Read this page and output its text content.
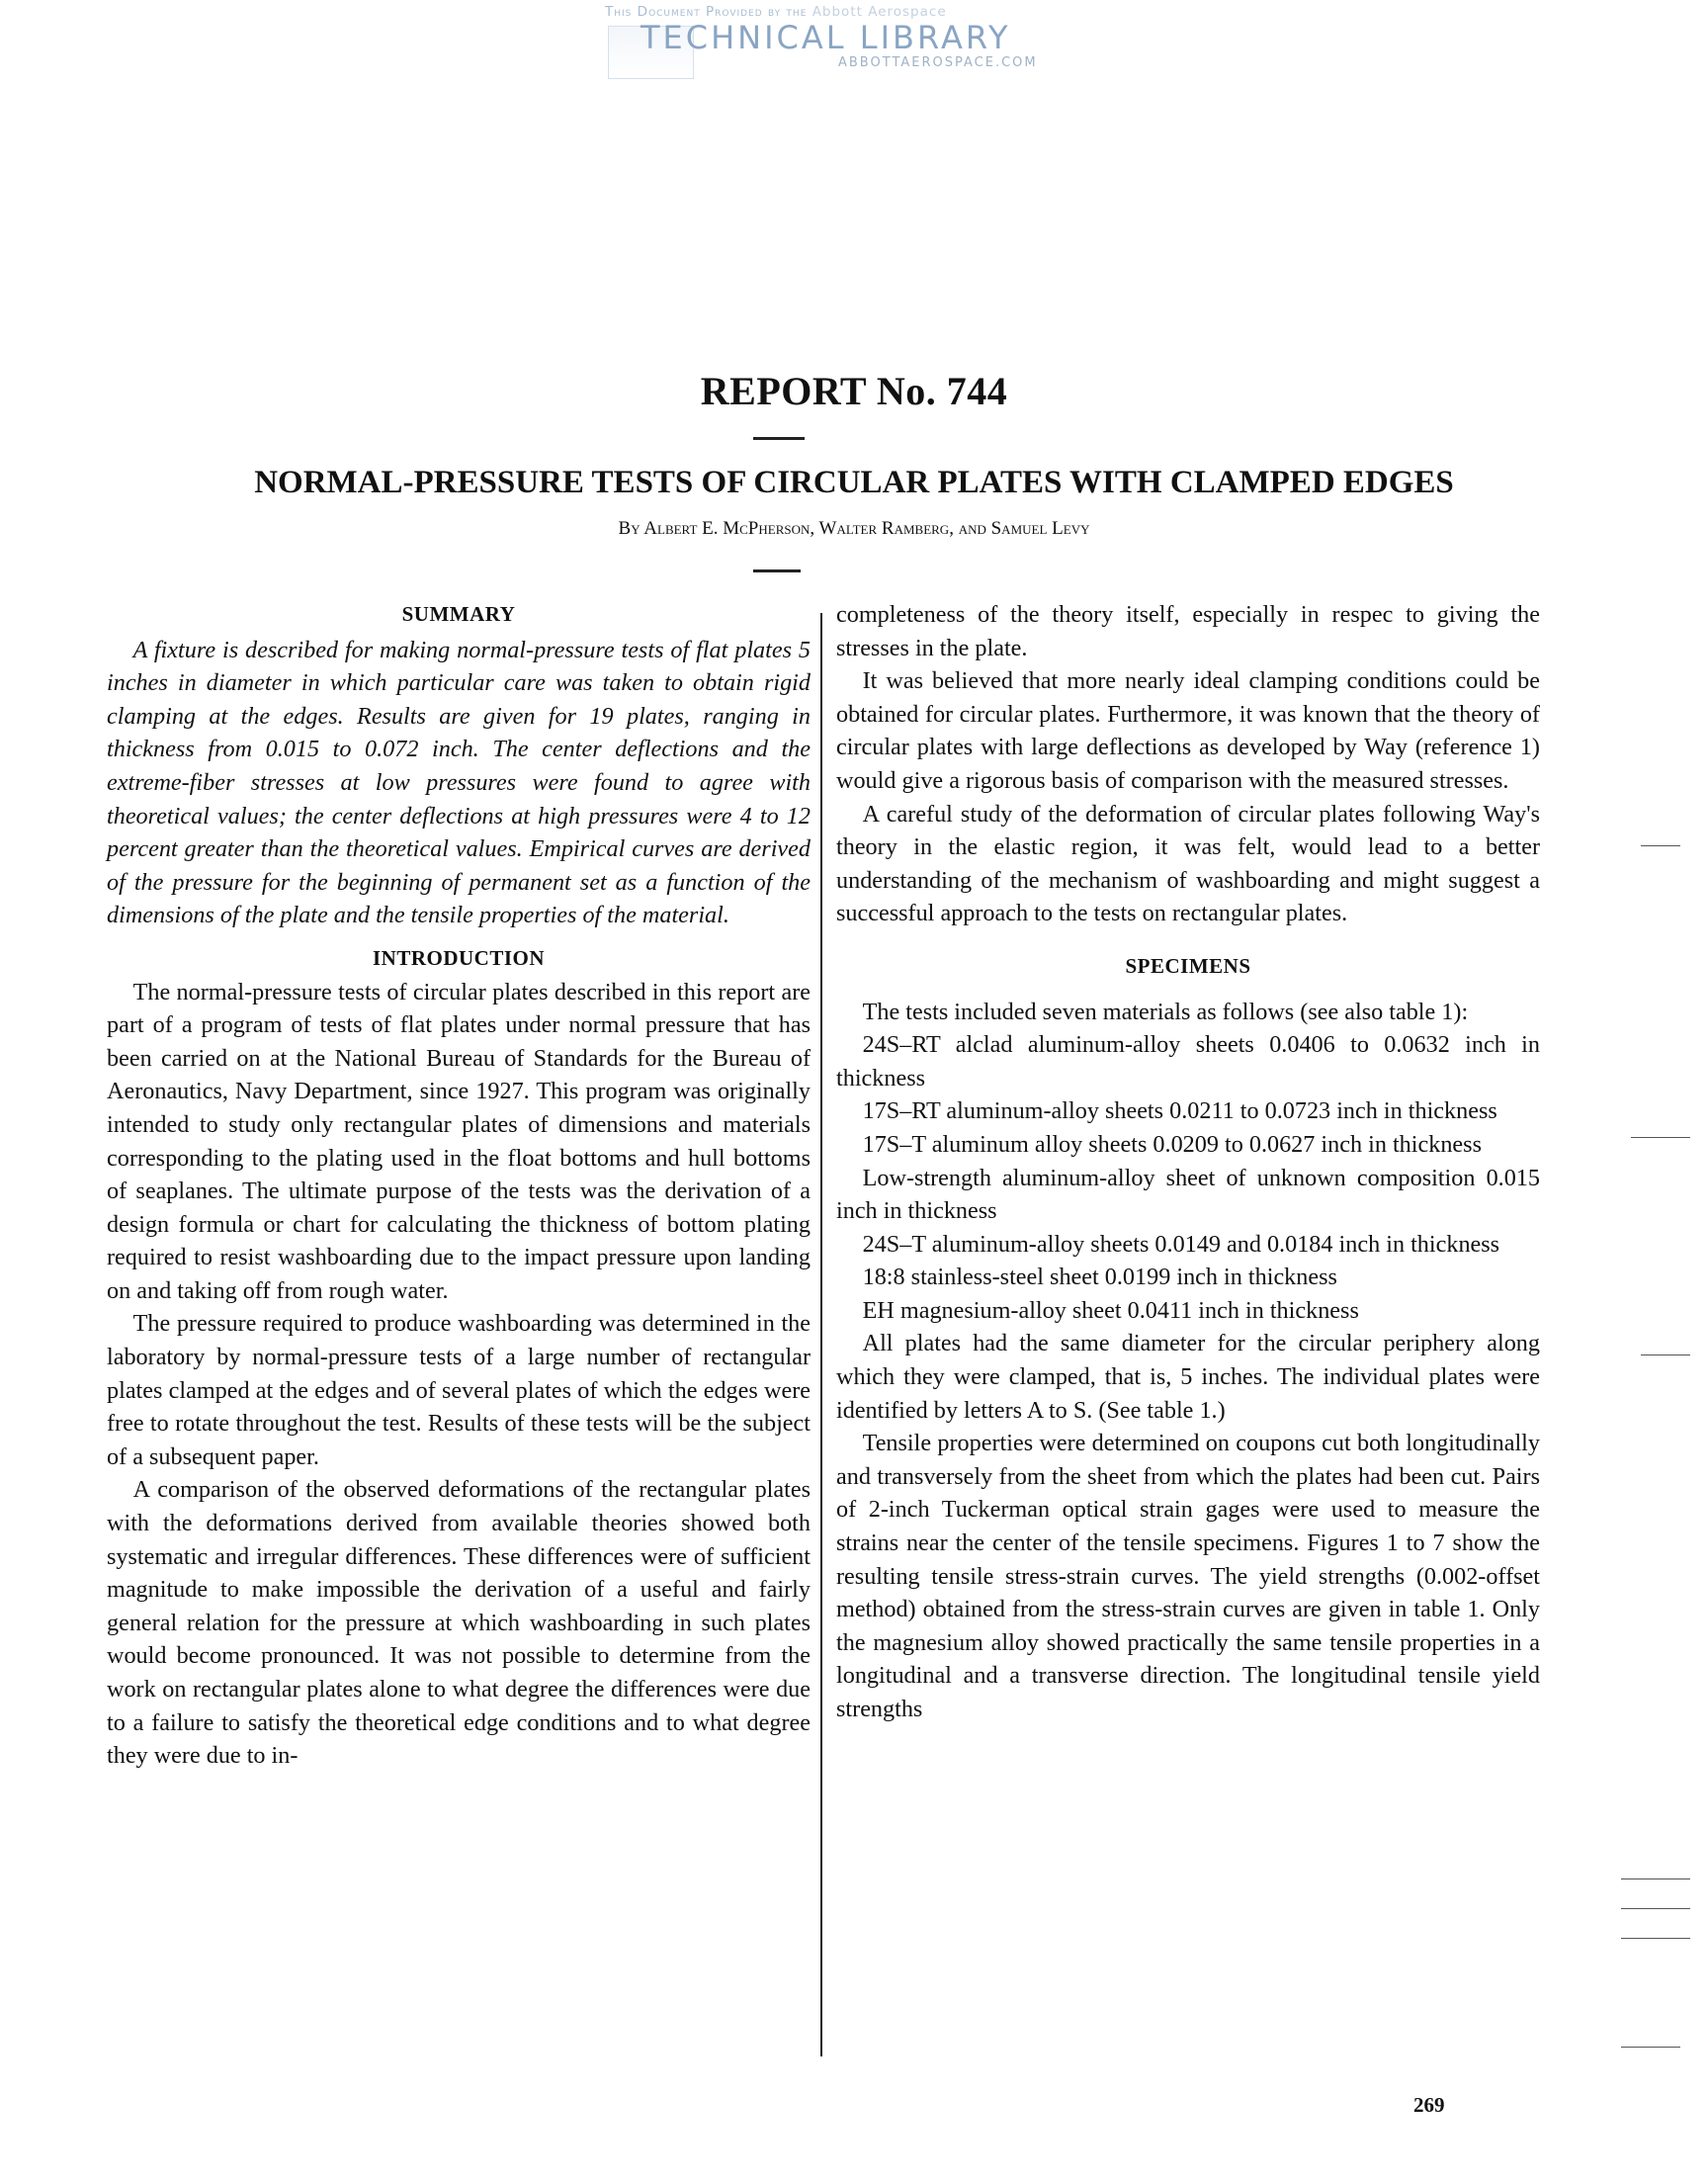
This Document Provided by the Abbott Aerospace
TECHNICAL LIBRARY
ABBOTTAEROSPACE.COM
REPORT No. 744
NORMAL-PRESSURE TESTS OF CIRCULAR PLATES WITH CLAMPED EDGES
By Albert E. McPherson, Walter Ramberg, and Samuel Levy
SUMMARY

A fixture is described for making normal-pressure tests of flat plates 5 inches in diameter in which particular care was taken to obtain rigid clamping at the edges. Results are given for 19 plates, ranging in thickness from 0.015 to 0.072 inch. The center deflections and the extreme-fiber stresses at low pressures were found to agree with theoretical values; the center deflections at high pressures were 4 to 12 percent greater than the theoretical values. Empirical curves are derived of the pressure for the beginning of permanent set as a function of the dimensions of the plate and the tensile properties of the material.

INTRODUCTION

The normal-pressure tests of circular plates described in this report are part of a program of tests of flat plates under normal pressure that has been carried on at the National Bureau of Standards for the Bureau of Aeronautics, Navy Department, since 1927. This program was originally intended to study only rectangular plates of dimensions and materials corresponding to the plating used in the float bottoms and hull bottoms of seaplanes. The ultimate purpose of the tests was the derivation of a design formula or chart for calculating the thickness of bottom plating required to resist washboarding due to the impact pressure upon landing on and taking off from rough water.

The pressure required to produce washboarding was determined in the laboratory by normal-pressure tests of a large number of rectangular plates clamped at the edges and of several plates of which the edges were free to rotate throughout the test. Results of these tests will be the subject of a subsequent paper.

A comparison of the observed deformations of the rectangular plates with the deformations derived from available theories showed both systematic and irregular differences. These differences were of sufficient magnitude to make impossible the derivation of a useful and fairly general relation for the pressure at which washboarding in such plates would become pronounced. It was not possible to determine from the work on rectangular plates alone to what degree the differences were due to a failure to satisfy the theoretical edge conditions and to what degree they were due to in-

completeness of the theory itself, especially in respec to giving the stresses in the plate.

It was believed that more nearly ideal clamping conditions could be obtained for circular plates. Furthermore, it was known that the theory of circular plates with large deflections as developed by Way (reference 1) would give a rigorous basis of comparison with the measured stresses.

A careful study of the deformation of circular plates following Way's theory in the elastic region, it was felt, would lead to a better understanding of the mechanism of washboarding and might suggest a successful approach to the tests on rectangular plates.

SPECIMENS

The tests included seven materials as follows (see also table 1):

24S–RT alclad aluminum-alloy sheets 0.0406 to 0.0632 inch in thickness

17S–RT aluminum-alloy sheets 0.0211 to 0.0723 inch in thickness

17S–T aluminum alloy sheets 0.0209 to 0.0627 inch in thickness

Low-strength aluminum-alloy sheet of unknown composition 0.015 inch in thickness

24S–T aluminum-alloy sheets 0.0149 and 0.0184 inch in thickness

18:8 stainless-steel sheet 0.0199 inch in thickness

EH magnesium-alloy sheet 0.0411 inch in thickness

All plates had the same diameter for the circular periphery along which they were clamped, that is, 5 inches. The individual plates were identified by letters A to S. (See table 1.)

Tensile properties were determined on coupons cut both longitudinally and transversely from the sheet from which the plates had been cut. Pairs of 2-inch Tuckerman optical strain gages were used to measure the strains near the center of the tensile specimens. Figures 1 to 7 show the resulting tensile stress-strain curves. The yield strengths (0.002-offset method) obtained from the stress-strain curves are given in table 1. Only the magnesium alloy showed practically the same tensile properties in a longitudinal and a transverse direction. The longitudinal tensile yield strengths

269
